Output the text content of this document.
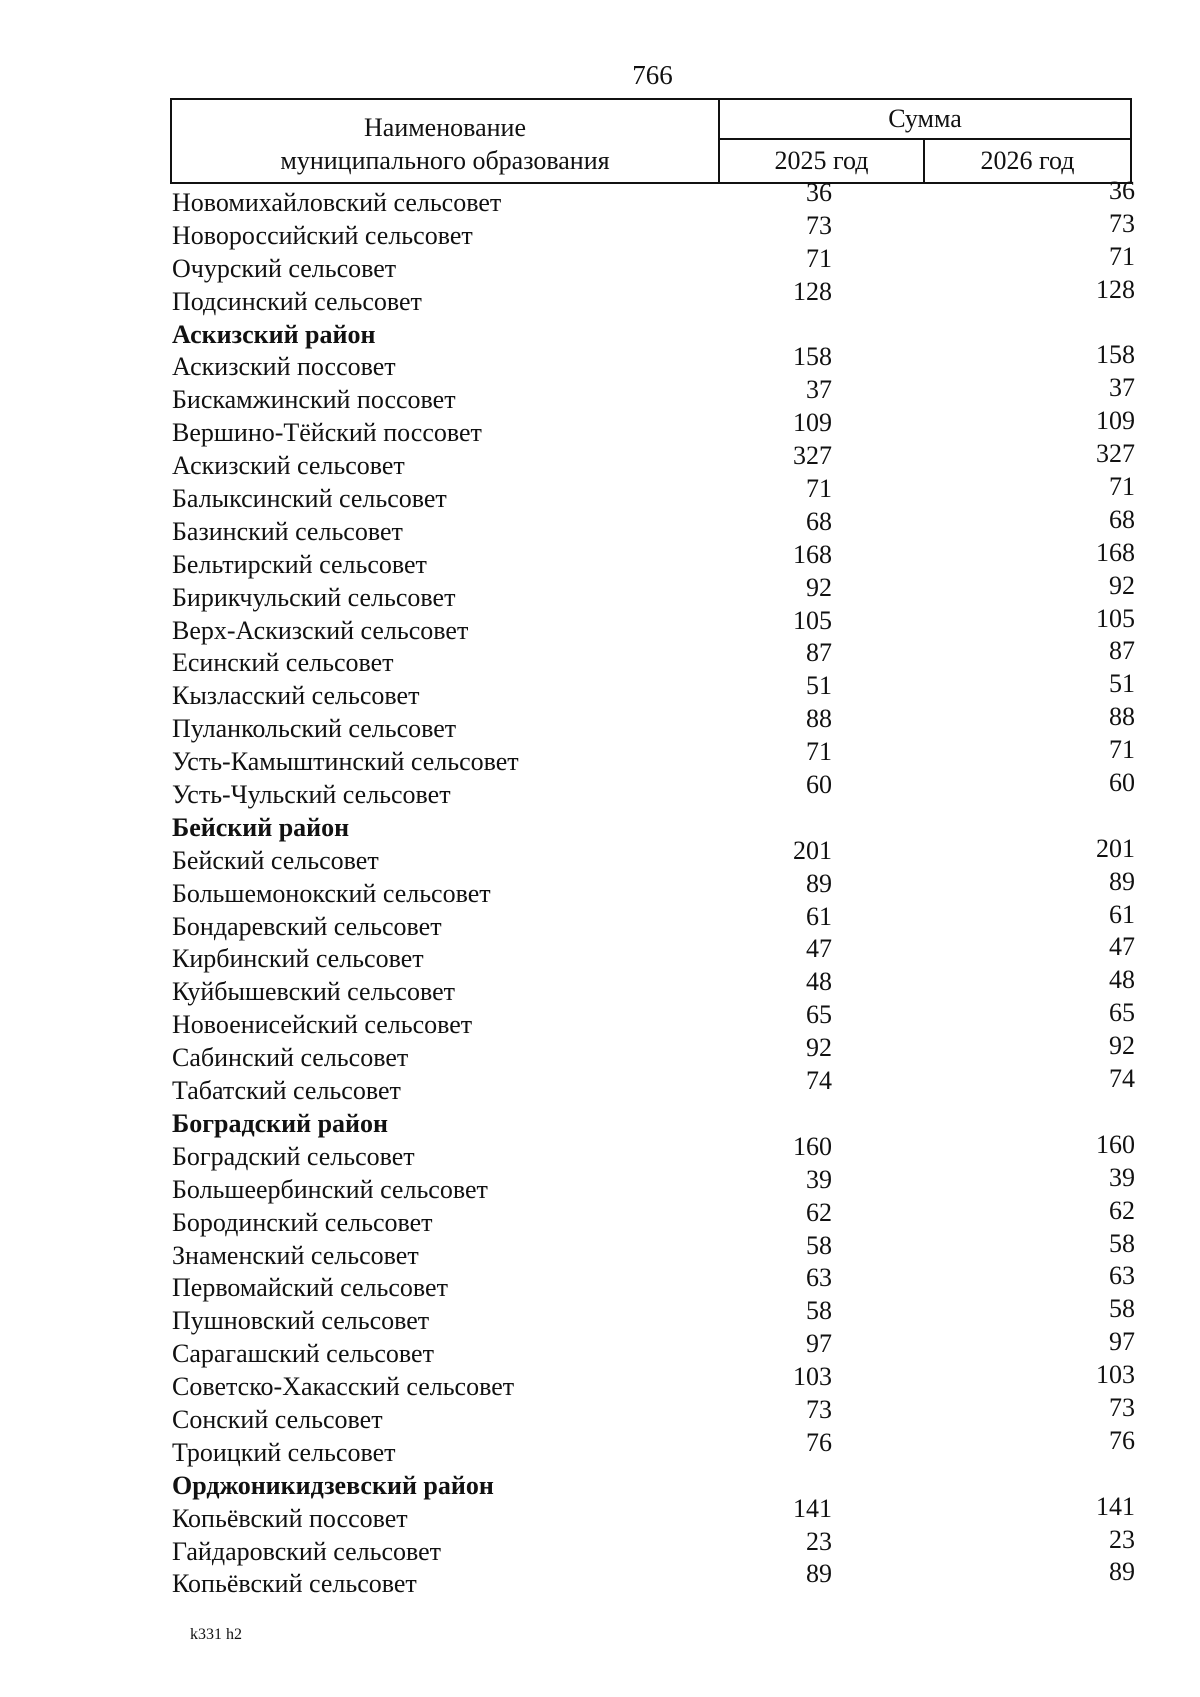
766
Наименование
муниципального образования
Сумма
2025 год	2026 год
Новомихайловский сельсовет	36	36
Новороссийский сельсовет	73	73
Очурский сельсовет	71	71
Подсинский сельсовет	128	128
Аскизский район
Аскизский поссовет	158	158
Бискамжинский поссовет	37	37
Вершино-Тёйский поссовет	109	109
Аскизский сельсовет	327	327
Балыксинский сельсовет	71	71
Базинский сельсовет	68	68
Бельтирский сельсовет	168	168
Бирикчульский сельсовет	92	92
Верх-Аскизский сельсовет	105	105
Есинский сельсовет	87	87
Кызласский сельсовет	51	51
Пуланкольский сельсовет	88	88
Усть-Камыштинский сельсовет	71	71
Усть-Чульский сельсовет	60	60
Бейский район
Бейский сельсовет	201	201
Большемонокский сельсовет	89	89
Бондаревский сельсовет	61	61
Кирбинский сельсовет	47	47
Куйбышевский сельсовет	48	48
Новоенисейский сельсовет	65	65
Сабинский сельсовет	92	92
Табатский сельсовет	74	74
Боградский район
Боградский сельсовет	160	160
Большеербинский сельсовет	39	39
Бородинский сельсовет	62	62
Знаменский сельсовет	58	58
Первомайский сельсовет	63	63
Пушновский сельсовет	58	58
Сарагашский сельсовет	97	97
Советско-Хакасский сельсовет	103	103
Сонский сельсовет	73	73
Троицкий сельсовет	76	76
Орджоникидзевский район
Копьёвский поссовет	141	141
Гайдаровский сельсовет	23	23
Копьёвский сельсовет	89	89
k331 h2
